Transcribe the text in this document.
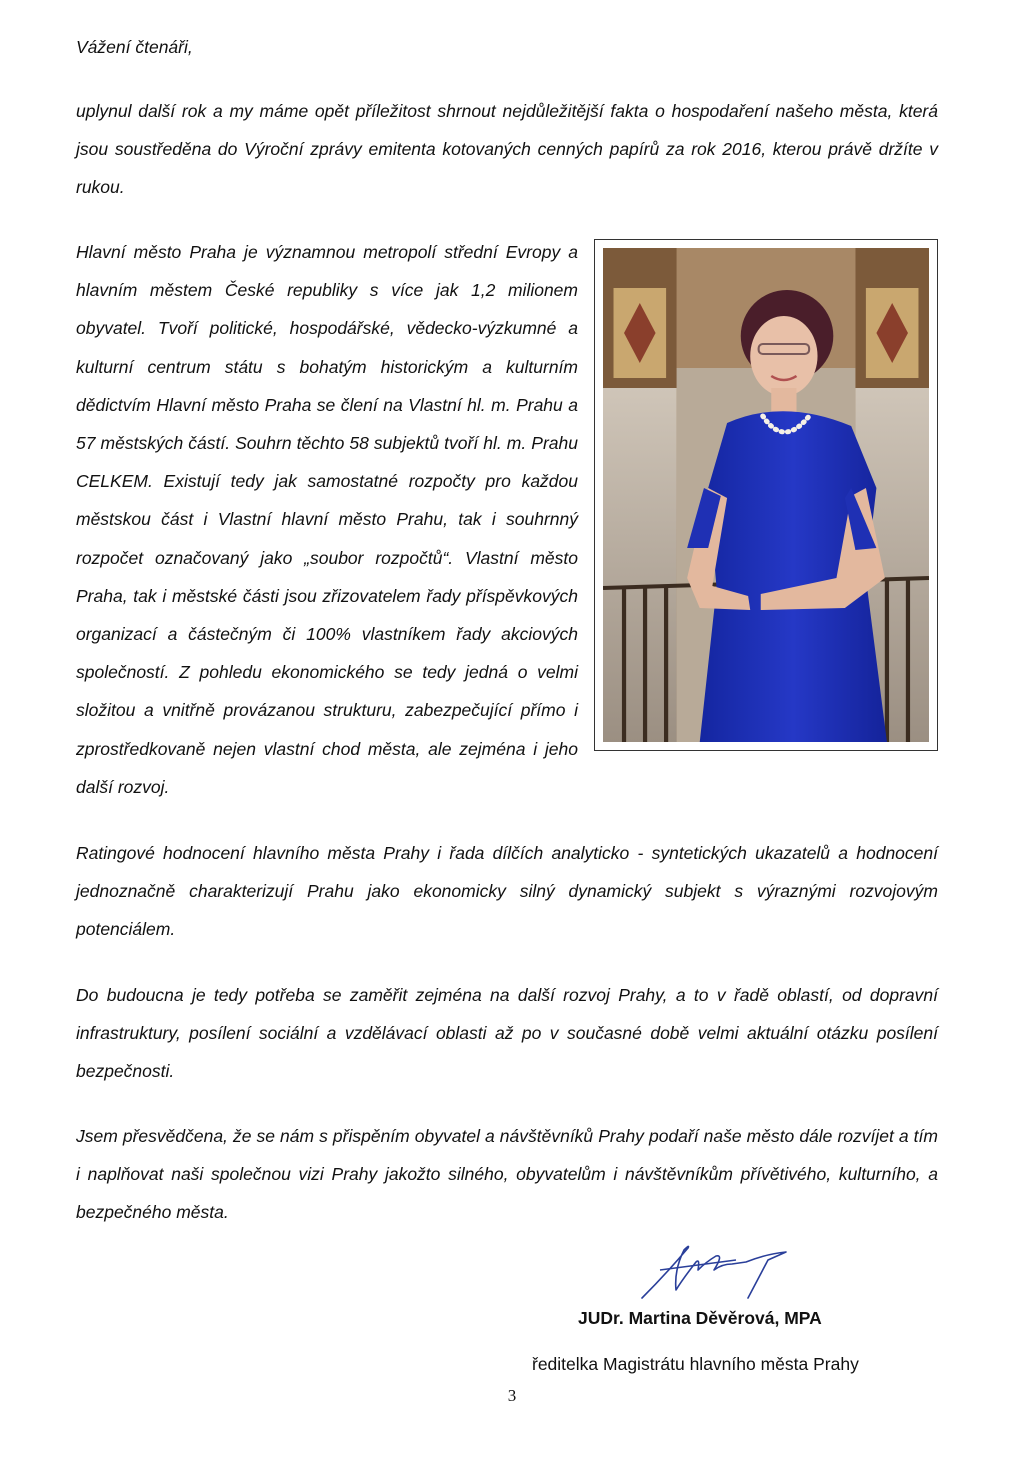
Vážení čtenáři,

uplynul další rok a my máme opět příležitost shrnout nejdůležitější fakta o hospodaření našeho města, která jsou soustředěna do Výroční zprávy emitenta kotovaných cenných papírů za rok 2016, kterou právě držíte v rukou.

Hlavní město Praha je významnou metropolí střední Evropy a hlavním městem České republiky s více jak 1,2 milionem obyvatel. Tvoří politické, hospodářské, vědecko-výzkumné a kulturní centrum státu s bohatým historickým a kulturním dědictvím Hlavní město Praha se člení na Vlastní hl. m. Prahu a 57 městských částí. Souhrn těchto 58 subjektů tvoří hl. m. Prahu CELKEM. Existují tedy jak samostatné rozpočty pro každou městskou část i Vlastní hlavní město Prahu, tak i souhrnný rozpočet označovaný jako „soubor rozpočtů“. Vlastní město Praha, tak i městské části jsou zřizovatelem řady příspěvkových organizací a částečným či 100% vlastníkem řady akciových společností. Z pohledu ekonomického se tedy jedná o velmi složitou a vnitřně provázanou strukturu, zabezpečující přímo i zprostředkovaně nejen vlastní chod města, ale zejména i jeho další rozvoj.

Ratingové hodnocení hlavního města Prahy i řada dílčích analyticko - syntetických ukazatelů a hodnocení jednoznačně charakterizují Prahu jako ekonomicky silný dynamický subjekt s výraznými rozvojovým potenciálem.

Do budoucna je tedy potřeba se zaměřit zejména na další rozvoj Prahy, a to v řadě oblastí, od dopravní infrastruktury, posílení sociální a vzdělávací oblasti až po v současné době velmi aktuální otázku posílení bezpečnosti.

Jsem přesvědčena, že se nám s přispěním obyvatel a návštěvníků Prahy podaří naše město dále rozvíjet a tím i naplňovat naši společnou vizi Prahy jakožto silného, obyvatelům i návštěvníkům přívětivého, kulturního, a bezpečného města.

JUDr. Martina Děvěrová, MPA
ředitelka Magistrátu hlavního města Prahy
3
